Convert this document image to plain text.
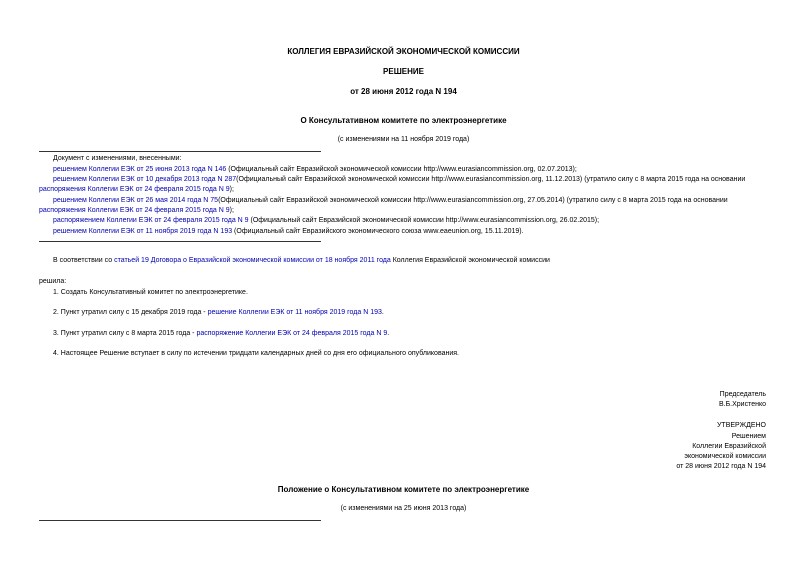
КОЛЛЕГИЯ ЕВРАЗИЙСКОЙ ЭКОНОМИЧЕСКОЙ КОМИССИИ
РЕШЕНИЕ
от 28 июня 2012 года N 194
О Консультативном комитете по электроэнергетике
(с изменениями на 11 ноября 2019 года)
Документ с изменениями, внесенными:
решением Коллегии ЕЭК от 25 июня 2013 года N 146 (Официальный сайт Евразийской экономической комиссии http://www.eurasiancommission.org, 02.07.2013);
решением Коллегии ЕЭК от 10 декабря 2013 года N 287(Официальный сайт Евразийской экономической комиссии http://www.eurasiancommission.org, 11.12.2013) (утратило силу с 8 марта 2015 года на основании
распоряжения Коллегии ЕЭК от 24 февраля 2015 года N 9);
решением Коллегии ЕЭК от 26 мая 2014 года N 75(Официальный сайт Евразийской экономической комиссии http://www.eurasiancommission.org, 27.05.2014) (утратило силу с 8 марта 2015 года на основании
распоряжения Коллегии ЕЭК от 24 февраля 2015 года N 9);
распоряжением Коллегии ЕЭК от 24 февраля 2015 года N 9 (Официальный сайт Евразийской экономической комиссии http://www.eurasiancommission.org, 26.02.2015);
решением Коллегии ЕЭК от 11 ноября 2019 года N 193 (Официальный сайт Евразийского экономического союза www.eaeunion.org, 15.11.2019).
В соответствии со статьей 19 Договора о Евразийской экономической комиссии от 18 ноября 2011 года Коллегия Евразийской экономической комиссии
решила:
1. Создать Консультативный комитет по электроэнергетике.
2. Пункт утратил силу с 15 декабря 2019 года - решение Коллегии ЕЭК от 11 ноября 2019 года N 193.
3. Пункт утратил силу с 8 марта 2015 года - распоряжение Коллегии ЕЭК от 24 февраля 2015 года N 9.
4. Настоящее Решение вступает в силу по истечении тридцати календарных дней со дня его официального опубликования.
Председатель
В.Б.Христенко
УТВЕРЖДЕНО
Решением
Коллегии Евразийской
экономической комиссии
от 28 июня 2012 года N 194
Положение о Консультативном комитете по электроэнергетике
(с изменениями на 25 июня 2013 года)
